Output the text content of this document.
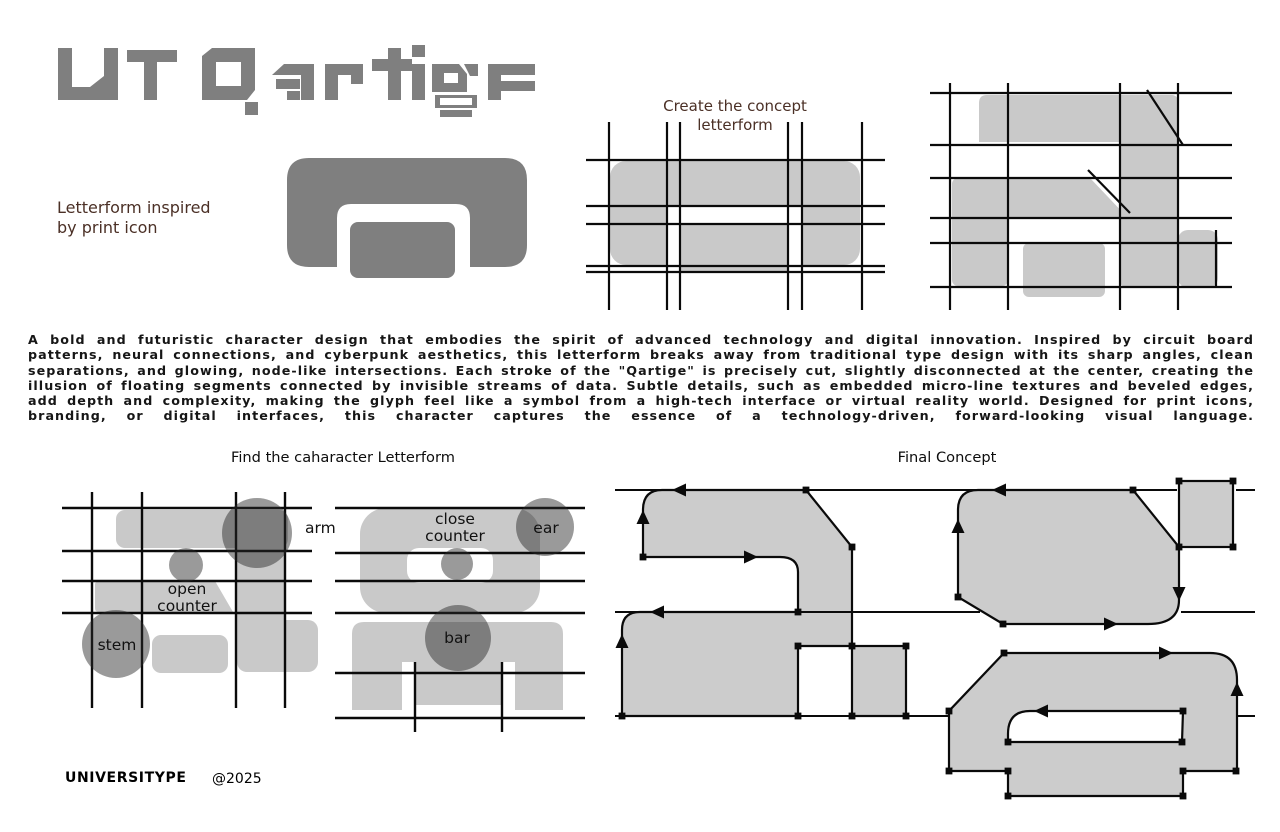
Letterform inspired
by print icon
Create the concept
letterform
A bold and futuristic character design that embodies the spirit of advanced technology and digital innovation. Inspired by circuit board
patterns, neural connections, and cyberpunk aesthetics, this letterform breaks away from traditional type design with its sharp angles, clean
separations, and glowing, node-like intersections. Each stroke of the "Qartige" is precisely cut, slightly disconnected at the center, creating the
illusion of floating segments connected by invisible streams of data. Subtle details, such as embedded micro-line textures and beveled edges,
add depth and complexity, making the glyph feel like a symbol from a high-tech interface or virtual reality world. Designed for print icons,
branding, or digital interfaces, this character captures the essence of a technology-driven, forward-looking visual language.
Find the caharacter Letterform	Final Concept
arm
open
counter
stem
close
counter	ear
bar
UNIVERSITYPE @2025
